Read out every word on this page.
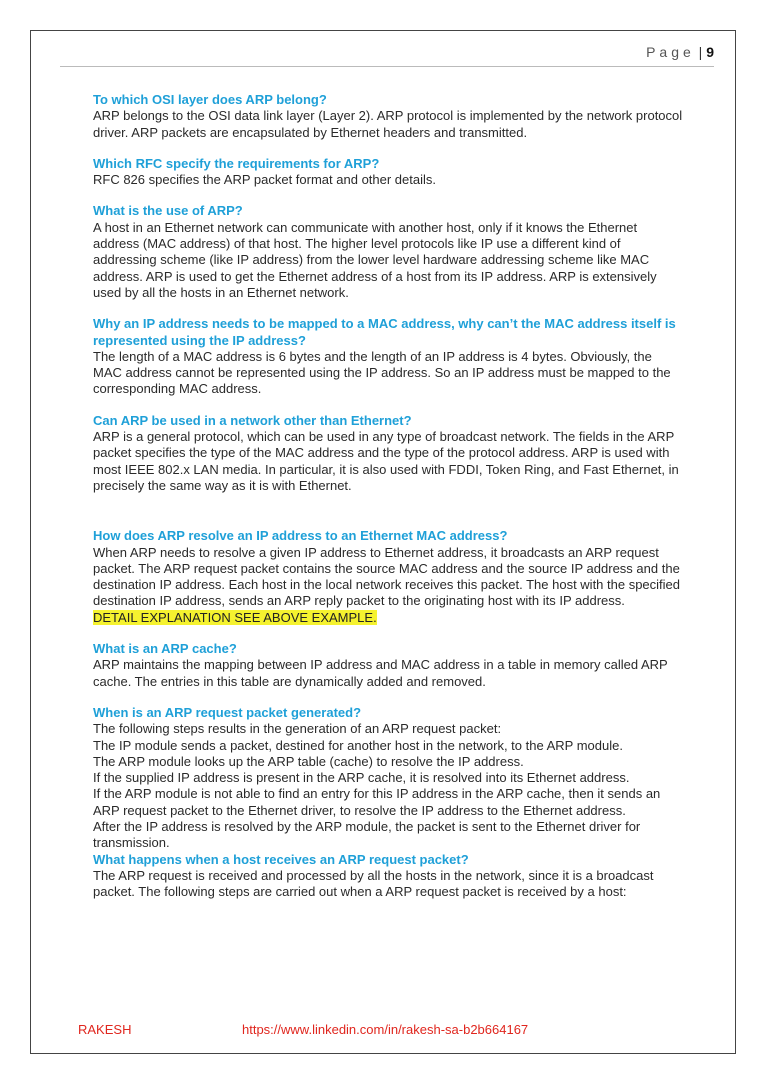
Page | 9
To which OSI layer does ARP belong?
ARP belongs to the OSI data link layer (Layer 2). ARP protocol is implemented by the network protocol driver. ARP packets are encapsulated by Ethernet headers and transmitted.
Which RFC specify the requirements for ARP?
RFC 826 specifies the ARP packet format and other details.
What is the use of ARP?
A host in an Ethernet network can communicate with another host, only if it knows the Ethernet address (MAC address) of that host. The higher level protocols like IP use a different kind of addressing scheme (like IP address) from the lower level hardware addressing scheme like MAC address. ARP is used to get the Ethernet address of a host from its IP address. ARP is extensively used by all the hosts in an Ethernet network.
Why an IP address needs to be mapped to a MAC address, why can’t the MAC address itself is represented using the IP address?
The length of a MAC address is 6 bytes and the length of an IP address is 4 bytes. Obviously, the MAC address cannot be represented using the IP address. So an IP address must be mapped to the corresponding MAC address.
Can ARP be used in a network other than Ethernet?
ARP is a general protocol, which can be used in any type of broadcast network. The fields in the ARP packet specifies the type of the MAC address and the type of the protocol address. ARP is used with most IEEE 802.x LAN media. In particular, it is also used with FDDI, Token Ring, and Fast Ethernet, in precisely the same way as it is with Ethernet.
How does ARP resolve an IP address to an Ethernet MAC address?
When ARP needs to resolve a given IP address to Ethernet address, it broadcasts an ARP request packet. The ARP request packet contains the source MAC address and the source IP address and the destination IP address. Each host in the local network receives this packet. The host with the specified destination IP address, sends an ARP reply packet to the originating host with its IP address.
DETAIL EXPLANATION SEE ABOVE EXAMPLE.
What is an ARP cache?
ARP maintains the mapping between IP address and MAC address in a table in memory called ARP cache. The entries in this table are dynamically added and removed.
When is an ARP request packet generated?
The following steps results in the generation of an ARP request packet:
The IP module sends a packet, destined for another host in the network, to the ARP module.
The ARP module looks up the ARP table (cache) to resolve the IP address.
If the supplied IP address is present in the ARP cache, it is resolved into its Ethernet address.
If the ARP module is not able to find an entry for this IP address in the ARP cache, then it sends an ARP request packet to the Ethernet driver, to resolve the IP address to the Ethernet address.
After the IP address is resolved by the ARP module, the packet is sent to the Ethernet driver for transmission.
What happens when a host receives an ARP request packet?
The ARP request is received and processed by all the hosts in the network, since it is a broadcast packet. The following steps are carried out when a ARP request packet is received by a host:
RAKESH	https://www.linkedin.com/in/rakesh-sa-b2b664167
